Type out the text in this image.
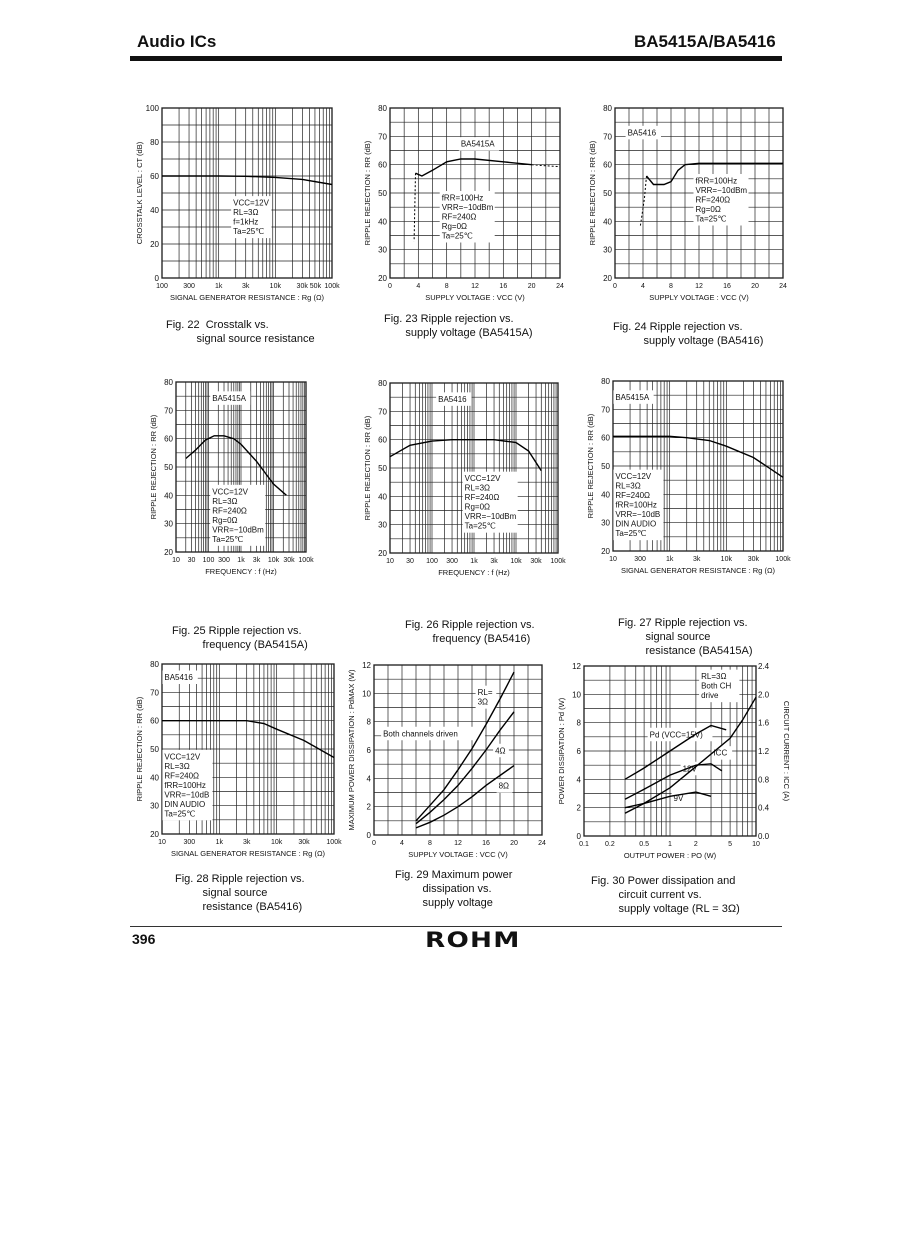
Audio ICs	BA5415A/BA5416
0
20
40
60
80
100
100 300	1k	3k	10k 30k 50k 100k
SIGNAL GENERATOR RESISTANCE : Rg (Ω)
CROSSTALK LEVEL : CT (dB)	VCC=12V
RL=3Ω
f=1kHz
Ta=25℃
20
30
40
50
60
70
80
0	4	8	12	16	20	24
SUPPLY VOLTAGE : VCC (V)
RIPPLE REJECTION : RR (dB)	BA5415A
fRR=100Hz
VRR=−10dBm
RF=240Ω
Rg=0Ω
Ta=25℃
20
30
40
50
60
70
80
0	4	8	12	16	20	24
SUPPLY VOLTAGE : VCC (V)
RIPPLE REJECTION : RR (dB)
BA5416
fRR=100Hz
VRR=−10dBm
RF=240Ω
Rg=0Ω
Ta=25℃
20
30
40
50
60
70
80
10 30 100 300 1k 3k 10k 30k 100k
FREQUENCY : f (Hz)
RIPPLE REJECTION : RR (dB)
BA5415A
VCC=12V
RL=3Ω
RF=240Ω
Rg=0Ω
VRR=−10dBm
Ta=25℃
20
30
40
50
60
70
80
10 30 100 300 1k 3k 10k 30k 100k
FREQUENCY : f (Hz)
RIPPLE REJECTION : RR (dB)
BA5416
VCC=12V
RL=3Ω
RF=240Ω
Rg=0Ω
VRR=−10dBm
Ta=25℃
20
30
40
50
60
70
80
10 300	1k	3k	10k 30k 100k
SIGNAL GENERATOR RESISTANCE : Rg (Ω)
RIPPLE REJECTION : RR (dB)
BA5415A
VCC=12V
RL=3Ω
RF=240Ω
fRR=100Hz
VRR=−10dB
DIN AUDIO
Ta=25℃
20
30
40
50
60
70
80
10	300	1k	3k	10k 30k 100k
SIGNAL GENERATOR RESISTANCE : Rg (Ω)
RIPPLE REJECTION : RR (dB)
BA5416
VCC=12V
RL=3Ω
RF=240Ω
fRR=100Hz
VRR=−10dB
DIN AUDIO
Ta=25℃
0
2
4
6
8
10
12
0	4	8	12	16	20	24
SUPPLY VOLTAGE : VCC (V)
MAXIMUM POWER DISSIPATION : PdMAX (W)	RL=
3Ω
Both channels driven
4Ω
8Ω
0
2
4
6
8
10
12
0.0
0.4
0.8
1.2
1.6
2.0
2.4
CIRCUIT CURRENT : ICC (A)
0.1 0.2	0.5	1	2	5	10
OUTPUT POWER : PO (W)
POWER DISSIPATION : Pd (W)
RL=3Ω
Both CH
drive
Pd (VCC=15V)
ICC
12V
9V
Fig. 22  Crosstalk vs.
signal source resistance
Fig. 23 Ripple rejection vs.
supply voltage (BA5415A)	Fig. 24 Ripple rejection vs.
supply voltage (BA5416)
Fig. 25 Ripple rejection vs.
frequency (BA5415A)
Fig. 26 Ripple rejection vs.
frequency (BA5416)
Fig. 27 Ripple rejection vs.
signal source
resistance (BA5415A)
Fig. 28 Ripple rejection vs.
signal source
resistance (BA5416)
Fig. 29 Maximum power
dissipation vs.
supply voltage
Fig. 30 Power dissipation and
circuit current vs.
supply voltage (RL = 3Ω)
396	ROHM
